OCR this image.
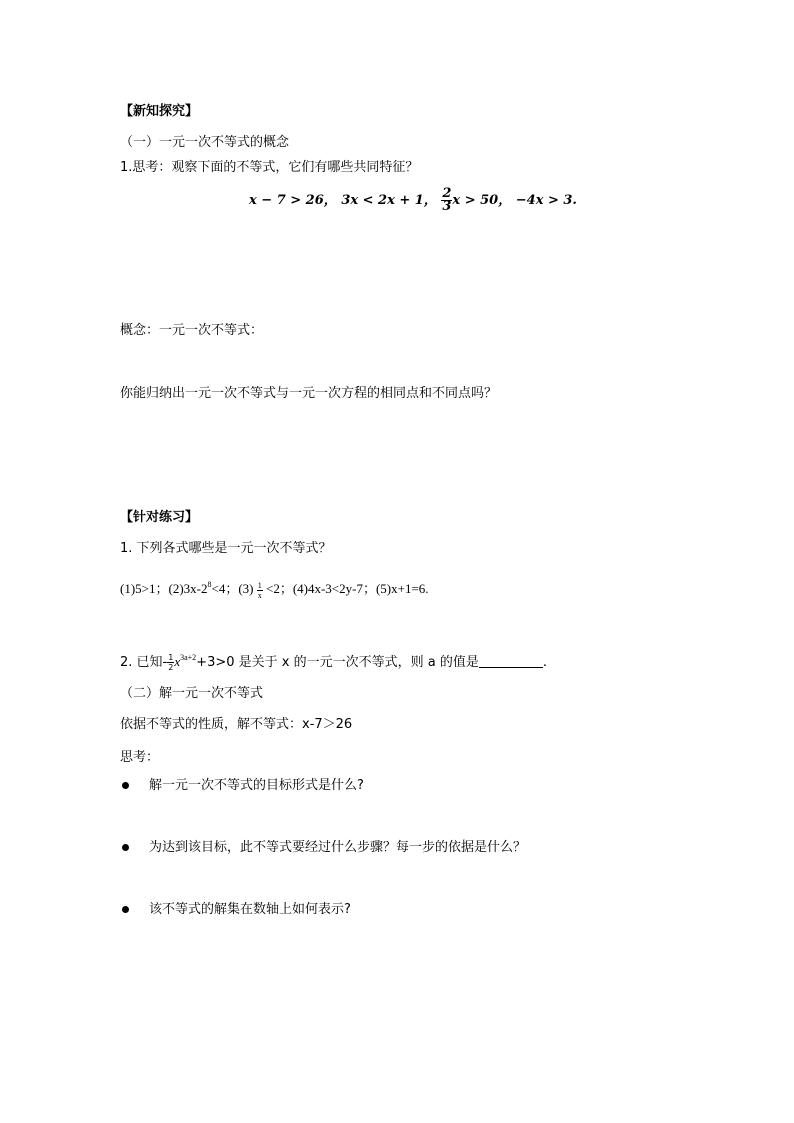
【新知探究】
（一）一元一次不等式的概念
1.思考：观察下面的不等式，它们有哪些共同特征？
x − 7 > 26， 3x < 2x + 1， $\frac{2}{3}$ x > 50， −4x > 3.
概念：一元一次不等式：
你能归纳出一元一次不等式与一元一次方程的相同点和不同点吗？
【针对练习】
1. 下列各式哪些是一元一次不等式？
(1)5>1；$(2)3x-2^8<4$；$(3) \frac{1}{x} <2$；(4)4x-3<2y-7；(5)x+1=6.
2. 已知- $\frac{1}{2} x^{3a+2}+3>0$ 是关于 x 的一元一次不等式，则 a 的值是	.
（二）解一元一次不等式
依据不等式的性质，解不等式：x-7＞26
思考：
解一元一次不等式的目标形式是什么?
为达到该目标，此不等式要经过什么步骤？每一步的依据是什么？
该不等式的解集在数轴上如何表示?
